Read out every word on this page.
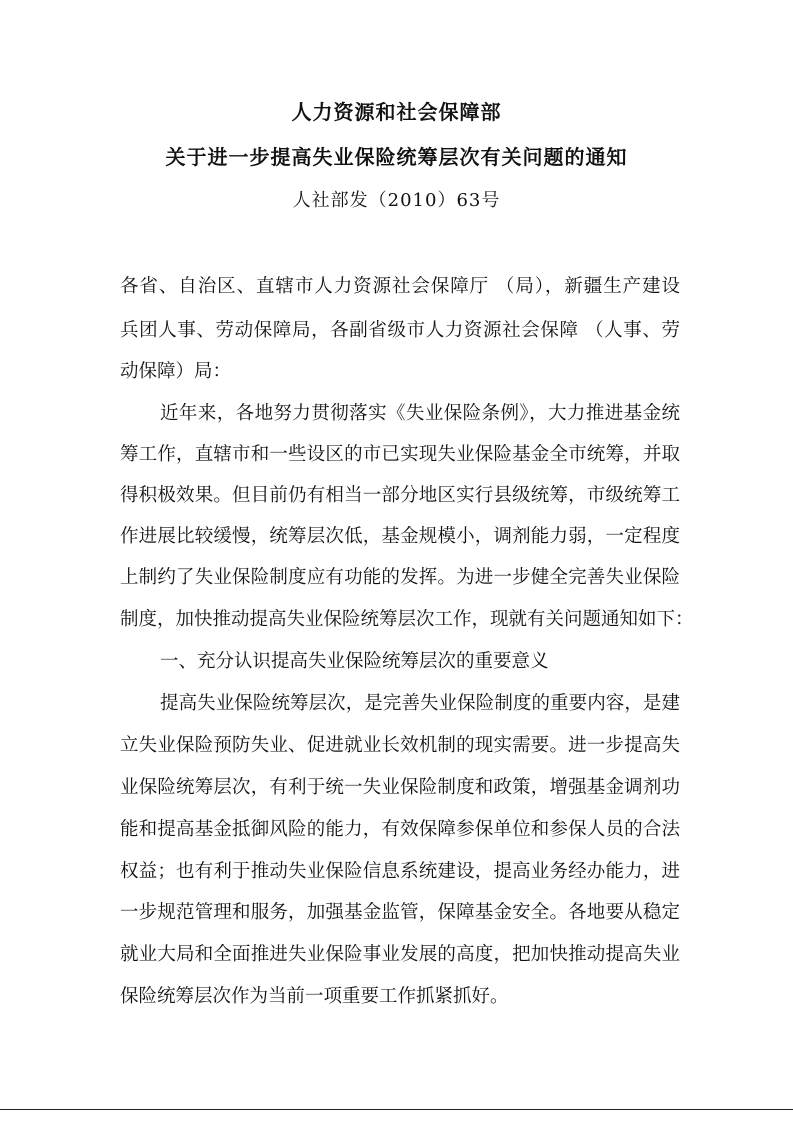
人力资源和社会保障部
关于进一步提高失业保险统筹层次有关问题的通知
人社部发（2010）63号
各省、自治区、直辖市人力资源社会保障厅 （局），新疆生产建设
兵团人事、劳动保障局，各副省级市人力资源社会保障 （人事、劳
动保障）局：
近年来，各地努力贯彻落实《失业保险条例》，大力推进基金统
筹工作，直辖市和一些设区的市已实现失业保险基金全市统筹，并取
得积极效果。但目前仍有相当一部分地区实行县级统筹，市级统筹工
作进展比较缓慢，统筹层次低，基金规模小，调剂能力弱，一定程度
上制约了失业保险制度应有功能的发挥。为进一步健全完善失业保险
制度，加快推动提高失业保险统筹层次工作，现就有关问题通知如下：
一、充分认识提高失业保险统筹层次的重要意义
提高失业保险统筹层次，是完善失业保险制度的重要内容，是建
立失业保险预防失业、促进就业长效机制的现实需要。进一步提高失
业保险统筹层次，有利于统一失业保险制度和政策，增强基金调剂功
能和提高基金抵御风险的能力，有效保障参保单位和参保人员的合法
权益；也有利于推动失业保险信息系统建设，提高业务经办能力，进
一步规范管理和服务，加强基金监管，保障基金安全。各地要从稳定
就业大局和全面推进失业保险事业发展的高度，把加快推动提高失业
保险统筹层次作为当前一项重要工作抓紧抓好。
